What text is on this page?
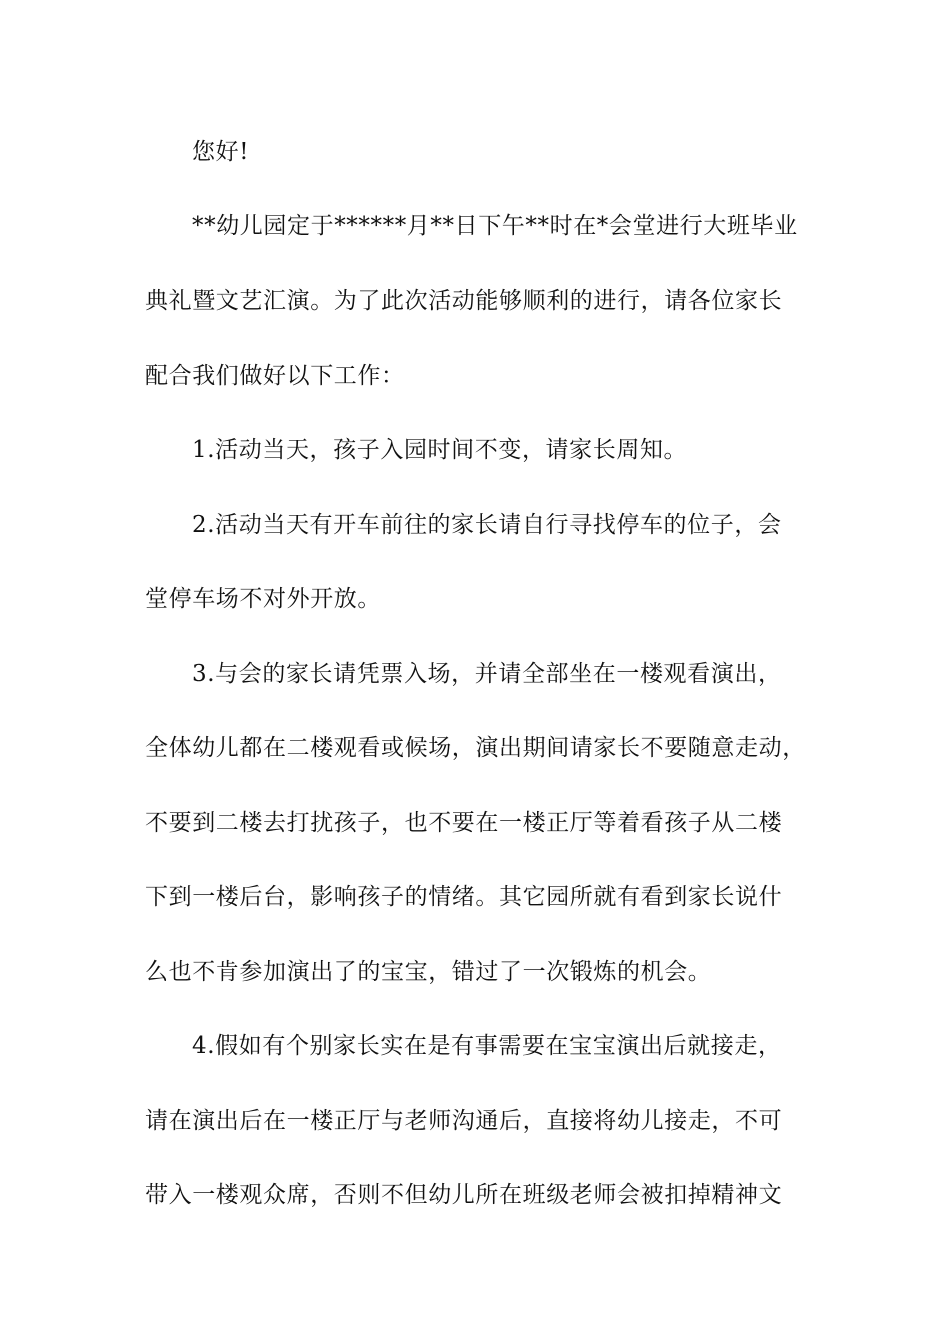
您好!
**幼儿园定于******月**日下午**时在*会堂进行大班毕业
典礼暨文艺汇演。为了此次活动能够顺利的进行，请各位家长
配合我们做好以下工作：
1.活动当天，孩子入园时间不变，请家长周知。
2.活动当天有开车前往的家长请自行寻找停车的位子，会
堂停车场不对外开放。
3.与会的家长请凭票入场，并请全部坐在一楼观看演出，
全体幼儿都在二楼观看或候场，演出期间请家长不要随意走动，
不要到二楼去打扰孩子，也不要在一楼正厅等着看孩子从二楼
下到一楼后台，影响孩子的情绪。其它园所就有看到家长说什
么也不肯参加演出了的宝宝，错过了一次锻炼的机会。
4.假如有个别家长实在是有事需要在宝宝演出后就接走，
请在演出后在一楼正厅与老师沟通后，直接将幼儿接走，不可
带入一楼观众席，否则不但幼儿所在班级老师会被扣掉精神文
